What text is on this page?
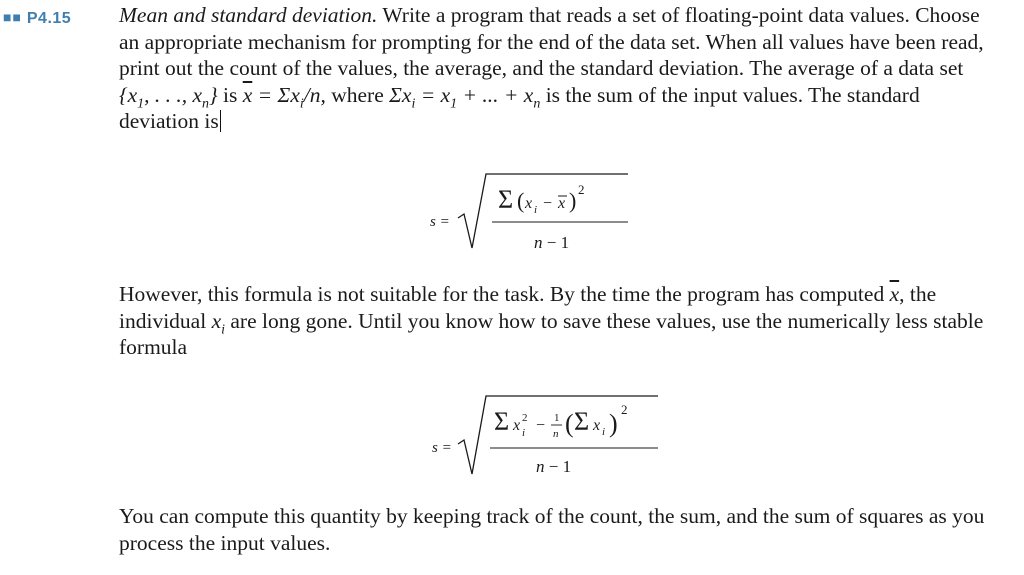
■■ P4.15 Mean and standard deviation. Write a program that reads a set of floating-point data values. Choose an appropriate mechanism for prompting for the end of the data set. When all values have been read, print out the count of the values, the average, and the standard deviation. The average of a data set {$x_1$, . . ., $x_n$} is $\overline{x} = \Sigma x_i/n$, where $\Sigma x_i = x_1$ + ... + $x_n$ is the sum of the input values. The standard deviation is
s =
Σ ( x i − x ) 2
n − 1
However, this formula is not suitable for the task. By the time the program has computed $\overline{x}$, the individual $x_i$ are long gone. Until you know how to save these values, use the numerically less stable formula
s =
Σ x 2
i − 1
n ( Σ x i ) 2
n − 1
You can compute this quantity by keeping track of the count, the sum, and the sum of squares as you process the input values.
